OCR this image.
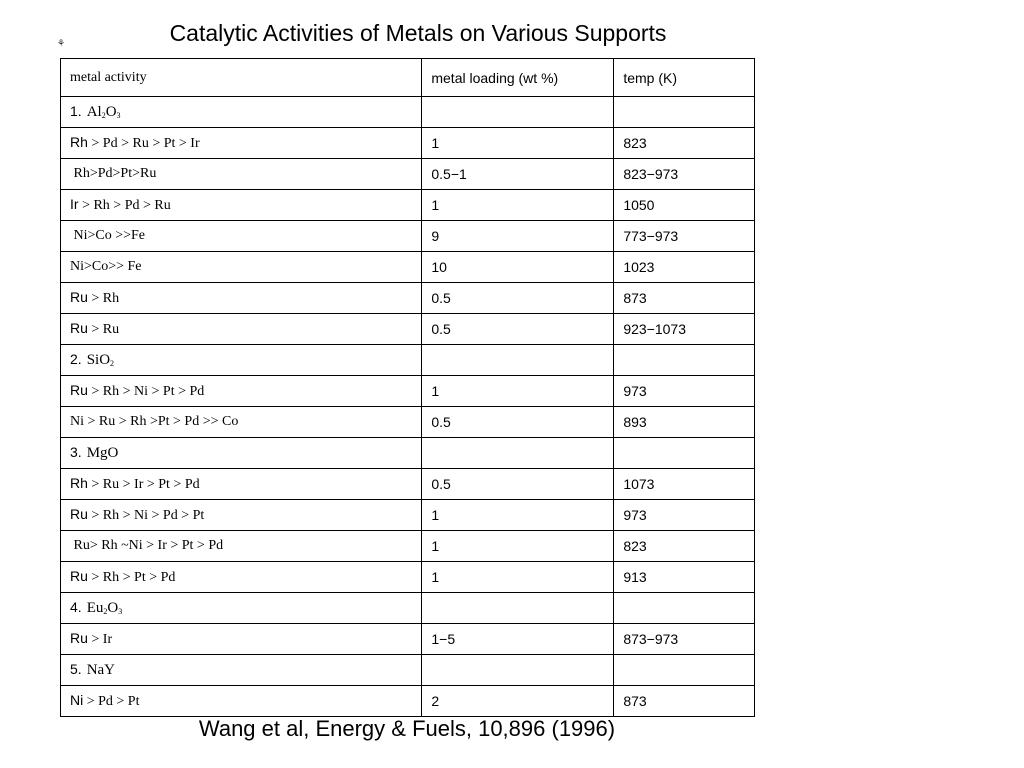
Catalytic Activities of Metals on Various Supports
⚘
metal activity	metal loading (wt %)	temp (K)
1. $Al_2O_3$		
Rh > Pd > Ru > Pt > Ir	1	823
Rh>Pd>Pt>Ru	0.5−1	823−973
Ir > Rh > Pd > Ru	1	1050
Ni>Co >>Fe	9	773−973
Ni>Co>> Fe	10	1023
Ru > Rh	0.5	873
Ru > Ru	0.5	923−1073
2. SiO$_2$		
Ru > Rh > Ni > Pt > Pd	1	973
Ni > Ru > Rh >Pt > Pd >> Co	0.5	893
3. MgO		
Rh > Ru > Ir > Pt > Pd	0.5	1073
Ru > Rh > Ni > Pd > Pt	1	973
Ru> Rh ~Ni > Ir > Pt > Pd	1	823
Ru > Rh > Pt > Pd	1	913
4. $Eu_2O_3$		
Ru > Ir	1−5	873−973
5. NaY		
Ni > Pd > Pt	2	873
Wang et al, Energy & Fuels, 10,896 (1996)
